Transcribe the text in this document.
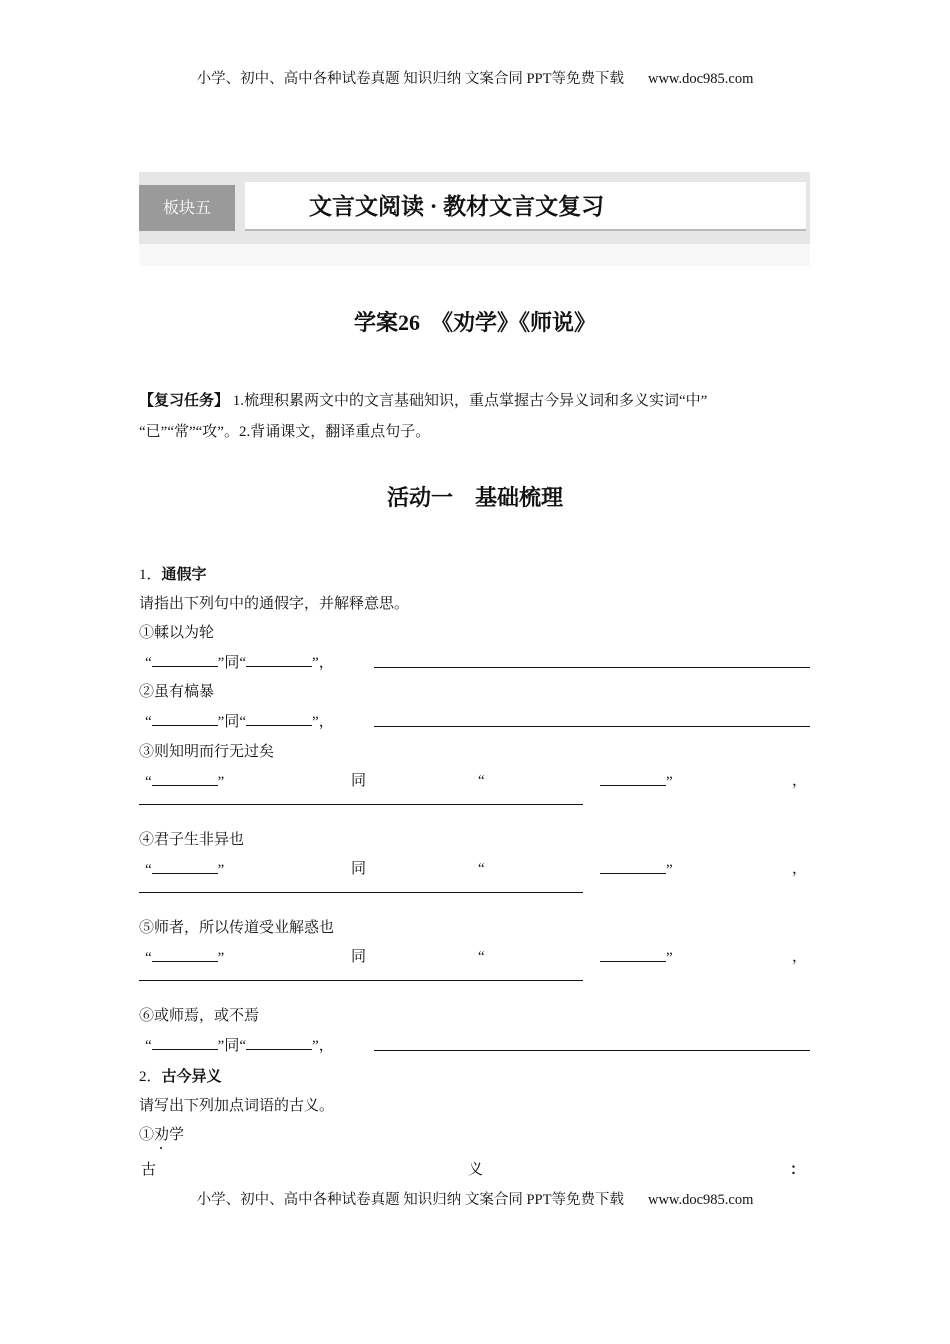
小学、初中、高中各种试卷真题 知识归纳 文案合同 PPT等免费下载 www.doc985.com
板块五	文言文阅读 · 教材文言文复习
学案26　《劝学》《师说》
【复习任务】 1.梳理积累两文中的文言基础知识，重点掌握古今异义词和多义实词“中”
“已”“常”“攻”。2.背诵课文，翻译重点句子。
活动一　基础梳理
1．通假字
请指出下列句中的通假字，并解释意思。
2．古今异义
请写出下列加点词语的古义。
①劝学
古	义	：
小学、初中、高中各种试卷真题 知识归纳 文案合同 PPT等免费下载 www.doc985.com
①輮以为轮
“	”同“	”，
②虽有槁暴
“	”同“	”，
③则知明而行无过矣
“	”	同	“	”	，
④君子生非异也
“	”	同	“	”	，
⑤师者，所以传道受业解惑也
“	”	同	“	”	，
⑥或师焉，或不焉
“	”同“	”，
